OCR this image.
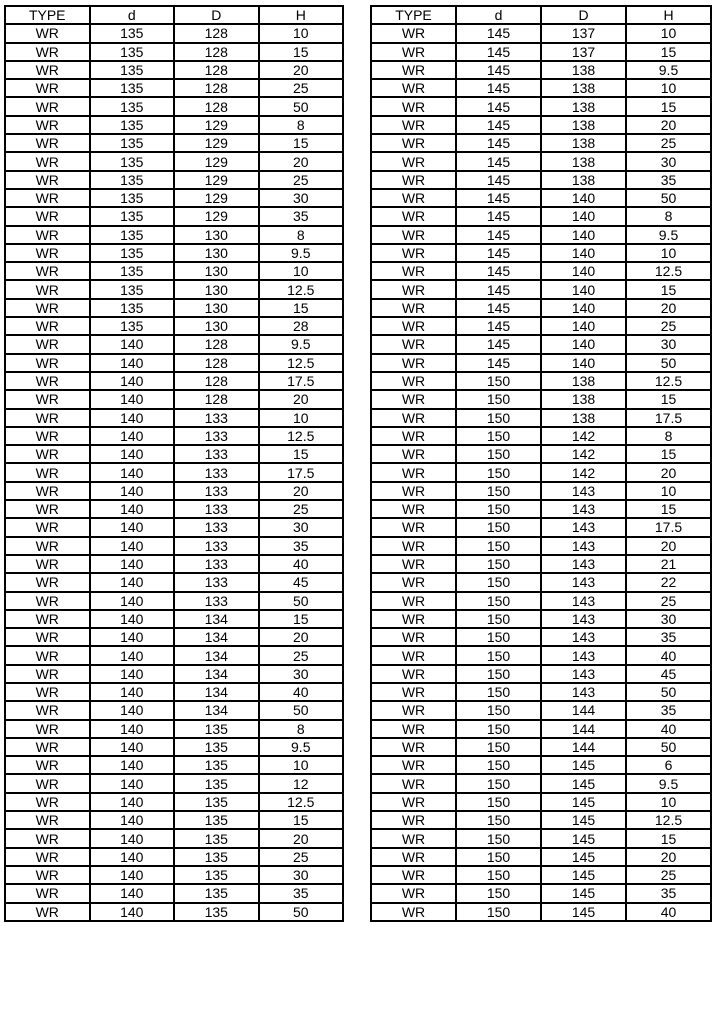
TYPE	d	D	H
WR	135	128	10
WR	135	128	15
WR	135	128	20
WR	135	128	25
WR	135	128	50
WR	135	129	8
WR	135	129	15
WR	135	129	20
WR	135	129	25
WR	135	129	30
WR	135	129	35
WR	135	130	8
WR	135	130	9.5
WR	135	130	10
WR	135	130	12.5
WR	135	130	15
WR	135	130	28
WR	140	128	9.5
WR	140	128	12.5
WR	140	128	17.5
WR	140	128	20
WR	140	133	10
WR	140	133	12.5
WR	140	133	15
WR	140	133	17.5
WR	140	133	20
WR	140	133	25
WR	140	133	30
WR	140	133	35
WR	140	133	40
WR	140	133	45
WR	140	133	50
WR	140	134	15
WR	140	134	20
WR	140	134	25
WR	140	134	30
WR	140	134	40
WR	140	134	50
WR	140	135	8
WR	140	135	9.5
WR	140	135	10
WR	140	135	12
WR	140	135	12.5
WR	140	135	15
WR	140	135	20
WR	140	135	25
WR	140	135	30
WR	140	135	35
WR	140	135	50
TYPE	d	D	H
WR	145	137	10
WR	145	137	15
WR	145	138	9.5
WR	145	138	10
WR	145	138	15
WR	145	138	20
WR	145	138	25
WR	145	138	30
WR	145	138	35
WR	145	140	50
WR	145	140	8
WR	145	140	9.5
WR	145	140	10
WR	145	140	12.5
WR	145	140	15
WR	145	140	20
WR	145	140	25
WR	145	140	30
WR	145	140	50
WR	150	138	12.5
WR	150	138	15
WR	150	138	17.5
WR	150	142	8
WR	150	142	15
WR	150	142	20
WR	150	143	10
WR	150	143	15
WR	150	143	17.5
WR	150	143	20
WR	150	143	21
WR	150	143	22
WR	150	143	25
WR	150	143	30
WR	150	143	35
WR	150	143	40
WR	150	143	45
WR	150	143	50
WR	150	144	35
WR	150	144	40
WR	150	144	50
WR	150	145	6
WR	150	145	9.5
WR	150	145	10
WR	150	145	12.5
WR	150	145	15
WR	150	145	20
WR	150	145	25
WR	150	145	35
WR	150	145	40
